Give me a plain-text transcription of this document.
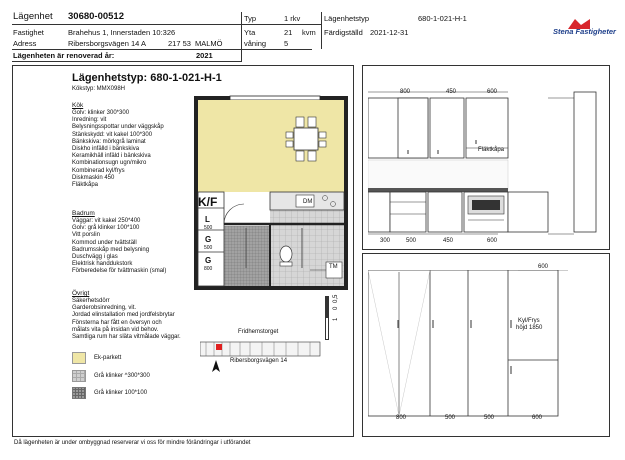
Lägenhet 30680-00512
Fastighet	Brahehus 1, Innerstaden 10:326
Adress	Ribersborgsvägen 14 A	217 53 MALMÖ
Lägenheten är renoverad år:	2021
Typ	1 rkv
Yta	21 kvm
våning 5
Lägenhetstyp	680-1-021-H-1
Färdigställd 2021-12-31	Stena Fastigheter
Lägenhetstyp: 680-1-021-H-1
Kökstyp: MMX098H
Kök
Golv: klinker 300*300
Inredning: vit
Belysningsspottar under väggskåp
Stänkskydd: vit kakel 100*300
Bänkskiva: mörkgrå laminat
Diskho infälld i bänkskiva
Keramikhäll infäld i bänkskiva
Kombinationsugn ugn/mikro
Kombinerad kyl/frys
Diskmaskin 450
Fläktkåpa
Badrum
Väggar: vit kakel 250*400
Golv: grå klinker 100*100
Vitt porslin
Kommod under tvättställ
Badrumsskåp med belysning
Duschvägg i glas
Elektrisk handdukstork
Förberedelse för tvättmaskin (smal)
Övrigt
Säkerhetsdörr
Garderobsinredning, vit.
Jordad elinstallation med jordfelsbrytar
Fönsterna har fått en översyn och
målats vita på insidan vid behov.
Samtliga rum har släta vitmålade väggar.
Ek-parkett
Grå klinker ^300*300
Grå klinker 100*100
K/F
L
500
G
500
G
800
DM
TM
0
0,5
1
Fridhemstorget
Ribersborgsvägen 14
800	450	600
Fläktkåpa
300	500	450	600
600
Kyl/Frys
höjd 1850
800	500	500	600
Då lägenheten är under ombyggnad reserverar vi oss för mindre förändringar i utförandet
